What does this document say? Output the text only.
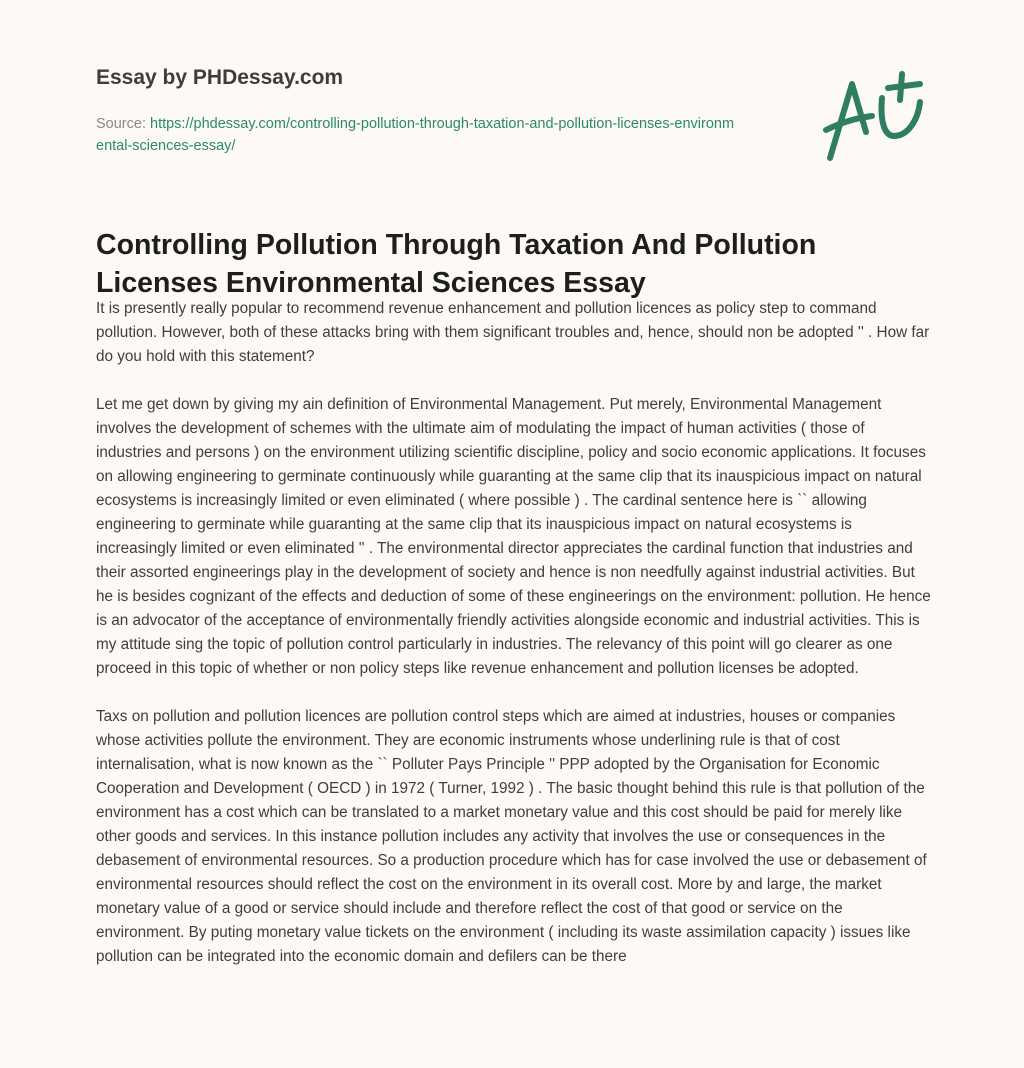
Essay by PHDessay.com
Source: https://phdessay.com/controlling-pollution-through-taxation-and-pollution-licenses-environmental-sciences-essay/
Controlling Pollution Through Taxation And Pollution Licenses Environmental Sciences Essay

It is presently really popular to recommend revenue enhancement and pollution licences as policy step to command pollution. However, both of these attacks bring with them significant troubles and, hence, should non be adopted '' . How far do you hold with this statement?

Let me get down by giving my ain definition of Environmental Management. Put merely, Environmental Management involves the development of schemes with the ultimate aim of modulating the impact of human activities ( those of industries and persons ) on the environment utilizing scientific discipline, policy and socio economic applications. It focuses on allowing engineering to germinate continuously while guaranting at the same clip that its inauspicious impact on natural ecosystems is increasingly limited or even eliminated ( where possible ) . The cardinal sentence here is `` allowing engineering to germinate while guaranting at the same clip that its inauspicious impact on natural ecosystems is increasingly limited or even eliminated '' . The environmental director appreciates the cardinal function that industries and their assorted engineerings play in the development of society and hence is non needfully against industrial activities. But he is besides cognizant of the effects and deduction of some of these engineerings on the environment: pollution. He hence is an advocator of the acceptance of environmentally friendly activities alongside economic and industrial activities. This is my attitude sing the topic of pollution control particularly in industries. The relevancy of this point will go clearer as one proceed in this topic of whether or non policy steps like revenue enhancement and pollution licenses be adopted.

Taxs on pollution and pollution licences are pollution control steps which are aimed at industries, houses or companies whose activities pollute the environment. They are economic instruments whose underlining rule is that of cost internalisation, what is now known as the `` Polluter Pays Principle '' PPP adopted by the Organisation for Economic Cooperation and Development ( OECD ) in 1972 ( Turner, 1992 ) . The basic thought behind this rule is that pollution of the environment has a cost which can be translated to a market monetary value and this cost should be paid for merely like other goods and services. In this instance pollution includes any activity that involves the use or consequences in the debasement of environmental resources. So a production procedure which has for case involved the use or debasement of environmental resources should reflect the cost on the environment in its overall cost. More by and large, the market monetary value of a good or service should include and therefore reflect the cost of that good or service on the environment. By puting monetary value tickets on the environment ( including its waste assimilation capacity ) issues like pollution can be integrated into the economic domain and defilers can be there
